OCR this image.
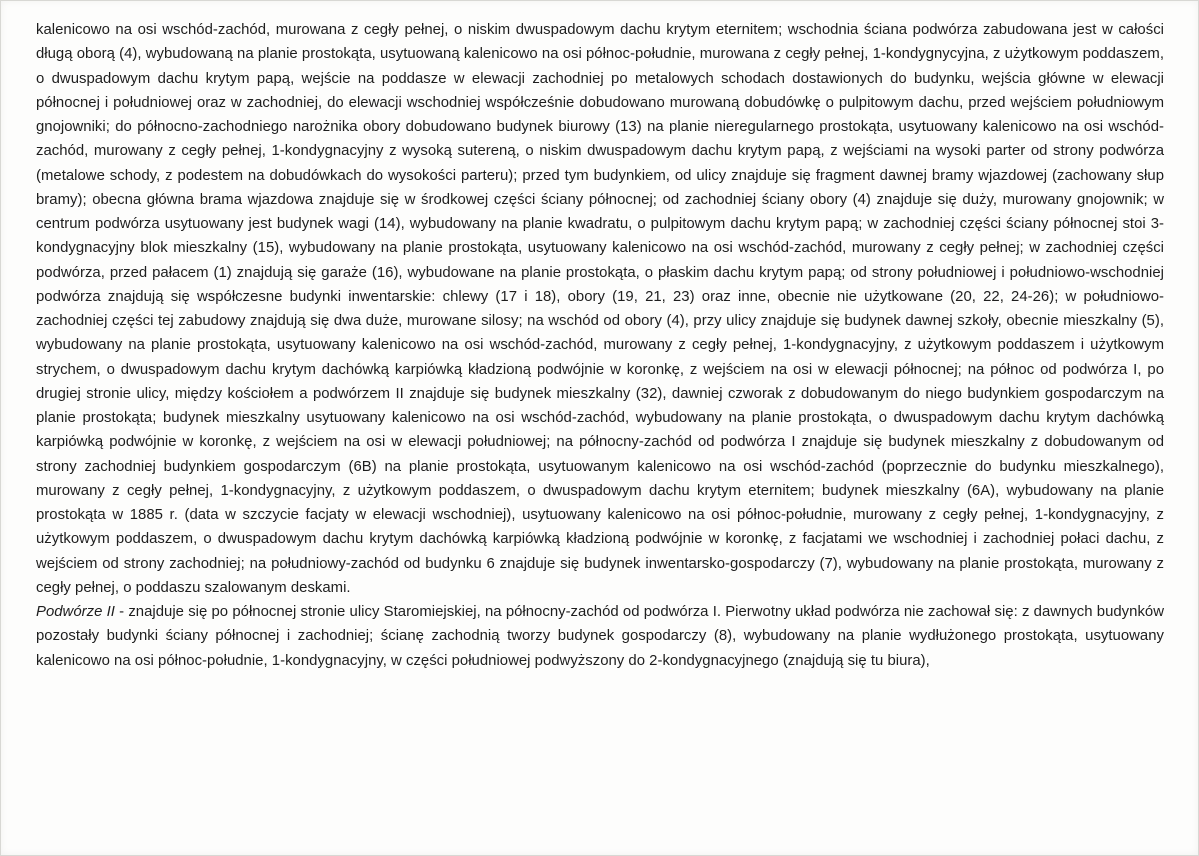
kalenicowo na osi wschód-zachód, murowana z cegły pełnej, o niskim dwuspadowym dachu krytym eternitem; wschodnia ściana podwórza zabudowana jest w całości długą oborą (4), wybudowaną na planie prostokąta, usytuowaną kalenicowo na osi północ-południe, murowana z cegły pełnej, 1-kondygnycyjna, z użytkowym poddaszem, o dwuspadowym dachu krytym papą, wejście na poddasze w elewacji zachodniej po metalowych schodach dostawionych do budynku, wejścia główne w elewacji północnej i południowej oraz w zachodniej, do elewacji wschodniej współcześnie dobudowano murowaną dobudówkę o pulpitowym dachu, przed wejściem południowym gnojowniki; do północno-zachodniego narożnika obory dobudowano budynek biurowy (13) na planie nieregularnego prostokąta, usytuowany kalenicowo na osi wschód-zachód, murowany z cegły pełnej, 1-kondygnacyjny z wysoką sutereną, o niskim dwuspadowym dachu krytym papą, z wejściami na wysoki parter od strony podwórza (metalowe schody, z podestem na dobudówkach do wysokości parteru); przed tym budynkiem, od ulicy znajduje się fragment dawnej bramy wjazdowej (zachowany słup bramy); obecna główna brama wjazdowa znajduje się w środkowej części ściany północnej; od zachodniej ściany obory (4) znajduje się duży, murowany gnojownik; w centrum podwórza usytuowany jest budynek wagi (14), wybudowany na planie kwadratu, o pulpitowym dachu krytym papą; w zachodniej części ściany północnej stoi 3-kondygnacyjny blok mieszkalny (15), wybudowany na planie prostokąta, usytuowany kalenicowo na osi wschód-zachód, murowany z cegły pełnej; w zachodniej części podwórza, przed pałacem (1) znajdują się garaże (16), wybudowane na planie prostokąta, o płaskim dachu krytym papą; od strony południowej i południowo-wschodniej podwórza znajdują się współczesne budynki inwentarskie: chlewy (17 i 18), obory (19, 21, 23) oraz inne, obecnie nie użytkowane (20, 22, 24-26); w południowo-zachodniej części tej zabudowy znajdują się dwa duże, murowane silosy; na wschód od obory (4), przy ulicy znajduje się budynek dawnej szkoły, obecnie mieszkalny (5), wybudowany na planie prostokąta, usytuowany kalenicowo na osi wschód-zachód, murowany z cegły pełnej, 1-kondygnacyjny, z użytkowym poddaszem i użytkowym strychem, o dwuspadowym dachu krytym dachówką karpiówką kładzioną podwójnie w koronkę, z wejściem na osi w elewacji północnej; na północ od podwórza I, po drugiej stronie ulicy, między kościołem a podwórzem II znajduje się budynek mieszkalny (32), dawniej czworak z dobudowanym do niego budynkiem gospodarczym na planie prostokąta; budynek mieszkalny usytuowany kalenicowo na osi wschód-zachód, wybudowany na planie prostokąta, o dwuspadowym dachu krytym dachówką karpiówką podwójnie w koronkę, z wejściem na osi w elewacji południowej; na północny-zachód od podwórza I znajduje się budynek mieszkalny z dobudowanym od strony zachodniej budynkiem gospodarczym (6B) na planie prostokąta, usytuowanym kalenicowo na osi wschód-zachód (poprzecznie do budynku mieszkalnego), murowany z cegły pełnej, 1-kondygnacyjny, z użytkowym poddaszem, o dwuspadowym dachu krytym eternitem; budynek mieszkalny (6A), wybudowany na planie prostokąta w 1885 r. (data w szczycie facjaty w elewacji wschodniej), usytuowany kalenicowo na osi północ-południe, murowany z cegły pełnej, 1-kondygnacyjny, z użytkowym poddaszem, o dwuspadowym dachu krytym dachówką karpiówką kładzioną podwójnie w koronkę, z facjatami we wschodniej i zachodniej połaci dachu, z wejściem od strony zachodniej; na południowy-zachód od budynku 6 znajduje się budynek inwentarsko-gospodarczy (7), wybudowany na planie prostokąta, murowany z cegły pełnej, o poddaszu szalowanym deskami.

Podwórze II - znajduje się po północnej stronie ulicy Staromiejskiej, na północny-zachód od podwórza I. Pierwotny układ podwórza nie zachował się: z dawnych budynków pozostały budynki ściany północnej i zachodniej; ścianę zachodnią tworzy budynek gospodarczy (8), wybudowany na planie wydłużonego prostokąta, usytuowany kalenicowo na osi północ-południe, 1-kondygnacyjny, w części południowej podwyższony do 2-kondygnacyjnego (znajdują się tu biura),
